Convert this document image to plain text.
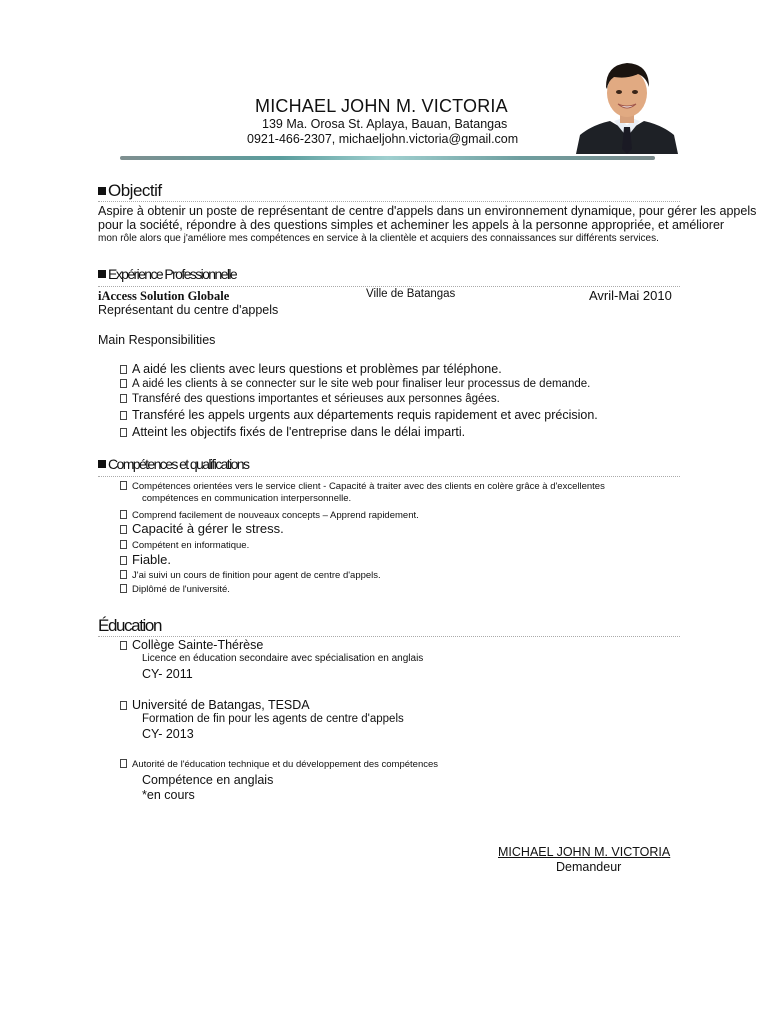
MICHAEL JOHN M. VICTORIA
139 Ma. Orosa St. Aplaya, Bauan, Batangas
0921-466-2307, michaeljohn.victoria@gmail.com
Objectif
Aspire à obtenir un poste de représentant de centre d'appels dans un environnement dynamique, pour gérer les appels
pour la société, répondre à des questions simples et acheminer les appels à la personne appropriée, et améliorer
mon rôle alors que j'améliore mes compétences en service à la clientèle et acquiers des connaissances sur différents services.
Expérience Professionnelle
iAccess Solution Globale	Ville de Batangas	Avril-Mai 2010
Représentant du centre d'appels
Main Responsibilities
A aidé les clients avec leurs questions et problèmes par téléphone.
A aidé les clients à se connecter sur le site web pour finaliser leur processus de demande.
Transféré des questions importantes et sérieuses aux personnes âgées.
Transféré les appels urgents aux départements requis rapidement et avec précision.
Atteint les objectifs fixés de l'entreprise dans le délai imparti.
Compétences et qualifications
Compétences orientées vers le service client - Capacité à traiter avec des clients en colère grâce à d'excellentes
compétences en communication interpersonnelle.
Comprend facilement de nouveaux concepts – Apprend rapidement.
Capacité à gérer le stress.
Compétent en informatique.
Fiable.
J'ai suivi un cours de finition pour agent de centre d'appels.
Diplômé de l'université.
Éducation
Collège Sainte-Thérèse
Licence en éducation secondaire avec spécialisation en anglais
CY- 2011
Université de Batangas, TESDA
Formation de fin pour les agents de centre d'appels
CY- 2013
Autorité de l'éducation technique et du développement des compétences
Compétence en anglais
*en cours
MICHAEL JOHN M. VICTORIA
Demandeur
